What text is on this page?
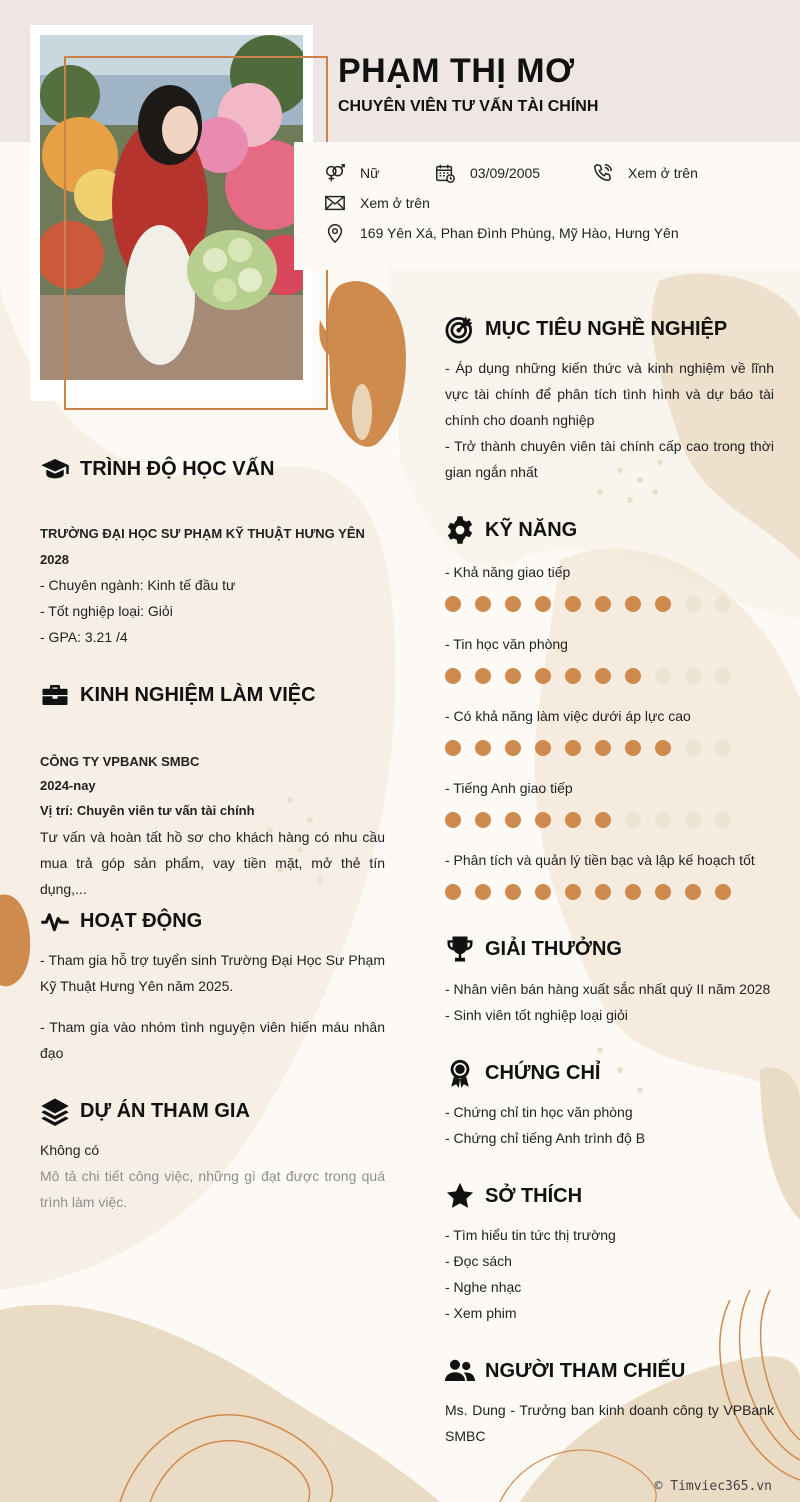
PHẠM THỊ MƠ
CHUYÊN VIÊN TƯ VẤN TÀI CHÍNH
Nữ	03/09/2005	Xem ở trên
Xem ở trên
169 Yên Xá, Phan Đình Phùng, Mỹ Hào, Hưng Yên
TRÌNH ĐỘ HỌC VẤN
TRƯỜNG ĐẠI HỌC SƯ PHẠM KỸ THUẬT HƯNG YÊN
2028
- Chuyên ngành: Kinh tế đầu tư
- Tốt nghiệp loại: Giỏi
- GPA: 3.21 /4
KINH NGHIỆM LÀM VIỆC
CÔNG TY VPBANK SMBC
2024-nay
Vị trí: Chuyên viên tư vấn tài chính
Tư vấn và hoàn tất hồ sơ cho khách hàng có nhu cầu mua trả góp sản phẩm, vay tiền mặt, mở thẻ tín dụng,...
HOẠT ĐỘNG
- Tham gia hỗ trợ tuyển sinh Trường Đại Học Sư Phạm Kỹ Thuật Hưng Yên năm 2025.
- Tham gia vào nhóm tình nguyện viên hiến máu nhân đạo
DỰ ÁN THAM GIA
Không có
Mô tả chi tiết công việc, những gì đạt được trong quá trình làm việc.
MỤC TIÊU NGHỀ NGHIỆP
- Áp dụng những kiến thức và kinh nghiệm về lĩnh vực tài chính để phân tích tình hình và dự báo tài chính cho doanh nghiệp
- Trở thành chuyên viên tài chính cấp cao trong thời gian ngắn nhất
KỸ NĂNG
- Khả năng giao tiếp
- Tin học văn phòng
- Có khả năng làm việc dưới áp lực cao
- Tiếng Anh giao tiếp
- Phân tích và quản lý tiền bạc và lập kế hoạch tốt
GIẢI THƯỞNG
- Nhân viên bán hàng xuất sắc nhất quý II năm 2028
- Sinh viên tốt nghiệp loại giỏi
CHỨNG CHỈ
- Chứng chỉ tin học văn phòng
- Chứng chỉ tiếng Anh trình độ B
SỞ THÍCH
- Tìm hiểu tin tức thị trường
- Đọc sách
- Nghe nhạc
- Xem phim
NGƯỜI THAM CHIẾU
Ms. Dung - Trưởng ban kinh doanh công ty VPBank SMBC
© Timviec365.vn
